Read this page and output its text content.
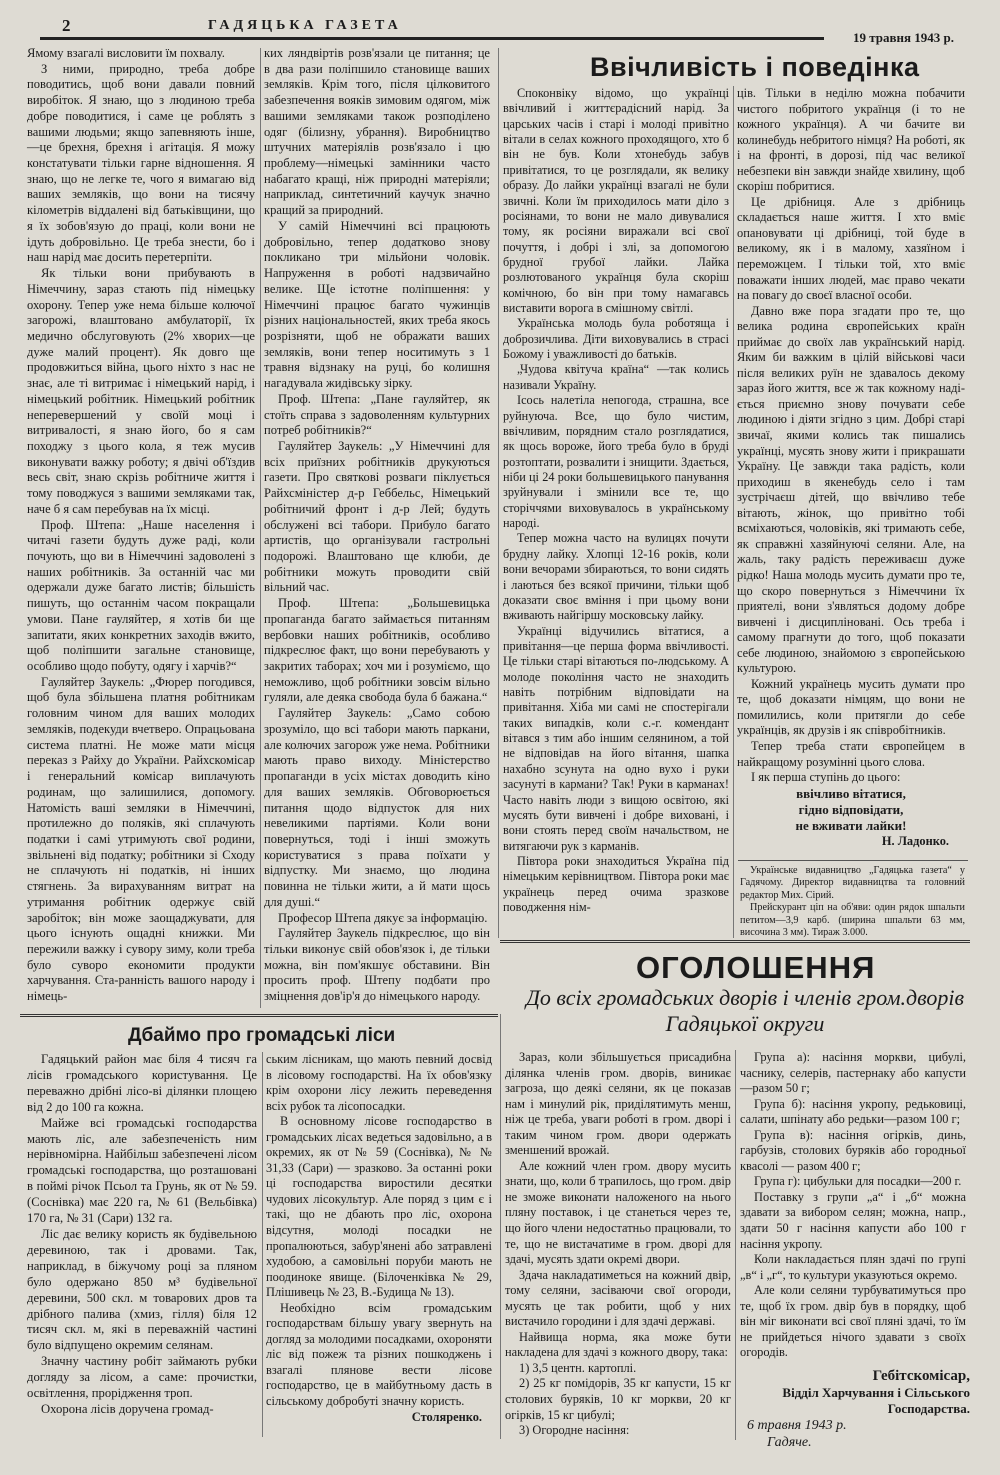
2	ГАДЯЦЬКА ГАЗЕТА
19 травня 1943 р.

Ямому взагалі висловити їм похвалу.

З ними, природно, треба добре поводитись, щоб вони давали повний виробіток. Я знаю, що з людиною треба добре поводитися, і саме це роблять з вашими людьми; якщо запевняють інше,—це брехня, брехня і агітація. Я можу констатувати тільки гарне відношення. Я знаю, що не легке те, чого я вимагаю від ваших земляків, що вони на тисячу кілометрів віддалені від батьківщини, що я їх зобов'язую до праці, коли вони не ідуть добровільно. Це треба знести, бо і наш нарід має досить перетерпіти.

Як тільки вони прибувають в Німеччину, зараз стають під німецьку охорону. Тепер уже нема більше колючої загорожі, влаштовано амбулаторії, їх медично обслуговують (2% хворих—це дуже малий процент). Як довго ще продовжиться війна, цього ніхто з нас не знає, але ті витримає і німецький нарід, і німецький робітник. Німецький робітник неперевершений у своїй моці і витривалості, я знаю його, бо я сам походжу з цього кола, я теж мусив виконувати важку роботу; я двічі об'їздив весь світ, знаю скрізь робітниче життя і тому поводжуся з вашими земляками так, наче б я сам перебував на їх місці.

Проф. Штепа: „Наше населення і читачі газети будуть дуже раді, коли почують, що ви в Німеччині задоволені з наших робітників. За останній час ми одержали дуже багато листів; більшість пишуть, що останнім часом покращали умови. Пане гауляйтер, я хотів би ще запитати, яких конкретних заходів вжито, щоб поліпшити загальне становище, особливо щодо побуту, одягу і харчів?“

Гауляйтер Заукель: „Фюрер погодився, щоб була збільшена платня робітникам головним чином для ваших молодих земляків, подекуди вчетверо. Опрацьована система платні. Не може мати місця переказ з Райху до України. Райхскомісар і генеральний комісар виплачують родинам, що залишилися, допомогу. Натомість ваші земляки в Німеччині, протилежно до поляків, які сплачують податки і самі утримують свої родини, звільнені від податку; робітники зі Сходу не сплачують ні податків, ні інших стягнень. За вирахуванням витрат на утримання робітник одержує свій заробіток; він може заощаджувати, для цього існують ощадні книжки. Ми пережили важку і сувору зиму, коли треба було суворо економити продукти харчування. Ста-ранність вашого народу і німець-

ких ляндвіртів розв'язали це питання; це в два рази поліпшило становище ваших земляків. Крім того, після цілковитого забезпечення вояків зимовим одягом, між вашими земляками також розподілено одяг (білизну, убрання). Виробництво штучних матеріялів розв'язало і цю проблему—німецькі замінники часто набагато кращі, ніж природні матеріяли; наприклад, синтетичний каучук значно кращий за природний.

У самій Німеччині всі працюють добровільно, тепер додатково знову покликано три мільйони чоловік. Напруження в роботі надзвичайно велике. Ще істотне поліпшення: у Німеччині працює багато чужинців різних національностей, яких треба якось розрізняти, щоб не ображати ваших земляків, вони тепер носитимуть з 1 травня відзнаку на руці, бо колишня нагадувала жидівську зірку.

Проф. Штепа: „Пане гауляйтер, як стоїть справа з задоволенням культурних потреб робітників?“

Гауляйтер Заукель: „У Німеччині для всіх приїзних робітників друкуються газети. Про святкові розваги піклується Райхсміністер д-р Геббельс, Німецький робітничий фронт і д-р Лей; будуть обслужені всі табори. Прибуло багато артистів, що організували гастрольні подорожі. Влаштовано ще клюби, де робітники можуть проводити свій вільний час.

Проф. Штепа: „Большевицька пропаганда багато займається питанням вербовки наших робітників, особливо підкреслює факт, що вони перебувають у закритих таборах; хоч ми і розуміємо, що неможливо, щоб робітники зовсім вільно гуляли, але деяка свобода була б бажана.“

Гауляйтер Заукель: „Само собою зрозуміло, що всі табори мають паркани, але колючих загорож уже нема. Робітники мають право виходу. Міністерство пропаганди в усіх містах доводить кіно для ваших земляків. Обговорюється питання щодо відпусток для них невеликими партіями. Коли вони повернуться, тоді і інші зможуть користуватися з права поїхати у відпустку. Ми знаємо, що людина повинна не тільки жити, а й мати щось для душі.“

Професор Штепа дякує за інформацію.

Гауляйтер Заукель підкреслює, що він тільки виконує свій обов'язок і, де тільки можна, він пом'якшує обставини. Він просить проф. Штепу подбати про зміцнення дов'ір'я до німецького народу.

Ввічливість і поведінка

Споконвіку відомо, що українці ввічливий і життєрадісний нарід. За царських часів і старі і молоді привітно вітали в селах кожного проходящого, хто б він не був. Коли хтонебудь забув привітатися, то це розглядали, як велику образу. До лайки українці взагалі не були звичні. Коли їм приходилось мати діло з росіянами, то вони не мало дивувалися тому, як росіяни виражали всі свої почуття, і добрі і злі, за допомогою брудної грубої лайки. Лайка розлютованого українця була скоріш комічною, бо він при тому намагавсь виставити ворога в смішному світлі.

Українська молодь була роботяща і доброзичлива. Діти виховувались в страсі Божому і уважливості до батьків.

„Чудова квітуча країна“ —так колись називали Україну.

Ісось налетіла непогода, страшна, все руйнуюча. Все, що було чистим, ввічливим, порядним стало розглядатися, як щось вороже, його треба було в бруді розтоптати, розвалити і знищити. Здається, ніби ці 24 роки большевицького панування зруйнували і змінили все те, що сторіччями виховувалось в українському народі.

Тепер можна часто на вулицях почути брудну лайку. Хлопці 12-16 років, коли вони вечорами збираються, то вони сидять і лаються без всякої причини, тільки щоб доказати своє вміння і при цьому вони вживають найгіршу московську лайку.

Українці відучились вітатися, а привітання—це перша форма ввічливості. Це тільки старі вітаються по-людському. А молоде покоління часто не знаходить навіть потрібним відповідати на привітання. Хіба ми самі не спостерігали таких випадків, коли с.-г. комендант вітався з тим або іншим селянином, а той не відповідав на його вітання, шапка нахабно зсунута на одно вухо і руки засунуті в кармани? Так! Руки в карманах! Часто навіть люди з вищою освітою, які мусять бути вивчені і добре виховані, і вони стоять перед своїм начальством, не витягаючи рук з карманів.

Півтора роки знаходиться Україна під німецьким керівництвом. Півтора роки має українець перед очима зразкове поводження нім-

ців. Тільки в неділю можна побачити чистого побритого українця (і то не кожного українця). А чи бачите ви колинебудь небритого німця? На роботі, як і на фронті, в дорозі, під час великої небезпеки він завжди знайде хвилину, щоб скоріш побритися.

Це дрібниця. Але з дрібниць складається наше життя. І хто вміє опановувати ці дрібниці, той буде в великому, як і в малому, хазяїном і переможцем. І тільки той, хто вміє поважати інших людей, має право чекати на повагу до своєї власної особи.

Давно вже пора згадати про те, що велика родина європейських країн приймає до своїх лав український нарід. Яким би важким в цілій військові часи після великих руїн не здавалось декому зараз його життя, все ж так кожному наді-ється приємно знову почувати себе людиною і діяти згідно з цим. Добрі старі звичаї, якими колись так пишались українці, мусять знову жити і прикрашати Україну. Це завжди така радість, коли приходиш в якенебудь село і там зустрічаєш дітей, що ввічливо тебе вітають, жінок, що привітно тобі всміхаються, чоловіків, які тримають себе, як справжні хазяйнуючі селяни. Але, на жаль, таку радість переживаєш дуже рідко! Наша молодь мусить думати про те, що скоро повернуться з Німеччини їх приятелі, вони з'являться додому добре вивчені і дисципліновані. Ось треба і самому прагнути до того, щоб показати себе людиною, знайомою з європейською культурою.

Кожний українець мусить думати про те, щоб доказати німцям, що вони не помилились, коли притягли до себе українців, як друзів і як співробітників.

Тепер треба стати європейцем в найкращому розумінні цього слова.

І як перша ступінь до цього:

ввічливо вітатися,
гідно відповідати,
не вживати лайки!
Н. Ладонко.

Українське видавництво „Гадяцька газета“ у Гадячому. Директор видавництва та головний редактор Мих. Сірий.

Прейскурант ціп на об'яви: один рядок шпальти петитом—3,9 карб. (ширина шпальти 63 мм, височина 3 мм). Тираж 3.000.

Дбаймо про громадські ліси

Гадяцький район має біля 4 тисяч га лісів громадського користування. Це переважно дрібні лісо-ві ділянки площею від 2 до 100 га кожна.

Майже всі громадські господарства мають ліс, але забезпеченість ним нерівномірна. Найбільш забезпечені лісом громадські господарства, що розташовані в поймі річок Псьол та Грунь, як от № 59. (Соснівка) має 220 га, № 61 (Вельбівка) 170 га, № 31 (Сари) 132 га.

Ліс дає велику користь як будівельною деревиною, так і дровами. Так, наприклад, в біжучому році за пляном було одержано 850 м³ будівельної деревини, 500 скл. м товарових дров та дрібного палива (хмиз, гілля) біля 12 тисяч скл. м, які в переважній частині було відпущено окремим селянам.

Значну частину робіт займають рубки догляду за лісом, а саме: прочистки, освітлення, прорідження троп.

Охорона лісів доручена громад-

ським лісникам, що мають певний досвід в лісовому господарстві. На їх обов'язку крім охорони лісу лежить переведення всіх рубок та лісопосадки.

В основному лісове господарство в громадських лісах ведеться задовільно, а в окремих, як от № 59 (Соснівка), № № 31,33 (Сари) — зразково. За останні роки ці господарства виростили десятки чудових лісокультур. Але поряд з цим є і такі, що не дбають про ліс, охорона відсутня, молоді посадки не пропалюються, забур'янені або затравлені худобою, а самовільні поруби мають не поодиноке явище. (Білоченківка № 29, Плішивець № 23, В.-Будища № 13).

Необхідно всім громадським господарствам більшу увагу звернуть на догляд за молодими посадками, охороняти ліс від пожеж та різних пошкоджень і взагалі плянове вести лісове господарство, це в майбутньому дасть в сільському добробуті значну користь.

Столяренко.
ОГОЛОШЕННЯ
До всіх громадських дворів і членів гром.дворів Гадяцької округи

Зараз, коли збільшується присадибна ділянка членів гром. дворів, виникає загроза, що деякі селяни, як це показав нам і минулий рік, приділятимуть менш, ніж це треба, уваги роботі в гром. дворі і таким чином гром. двори одержать зменшений врожай.

Але кожний член гром. двору мусить знати, що, коли б трапилось, що гром. двір не зможе виконати наложеного на нього пляну поставок, і це станеться через те, що його члени недостатньо працювали, то те, що не вистачатиме в гром. дворі для здачі, мусять здати окремі двори.

Здача накладатиметься на кожний двір, тому селяни, засіваючи свої огороди, мусять це так робити, щоб у них вистачило городини і для здачі державі.

Найвища норма, яка може бути накладена для здачі з кожного двору, така:

1) 3,5 центн. картоплі.

2) 25 кг помідорів, 35 кг капусти, 15 кг столових буряків, 10 кг моркви, 20 кг огірків, 15 кг цибулі;

3) Огородне насіння:

Група а): насіння моркви, цибулі, часнику, селерів, пастернаку або капусти—разом 50 г;

Група б): насіння укропу, редьковиці, салати, шпінату або редьки—разом 100 г;

Група в): насіння огірків, динь, гарбузів, столових буряків або городньої квасолі — разом 400 г;

Група г): цибульки для посадки—200 г.

Поставку з групи „а“ і „б“ можна здавати за вибором селян; можна, напр., здати 50 г насіння капусти або 100 г насіння укропу.

Коли накладається плян здачі по групі „в“ і „г“, то культури указуються окремо.

Але коли селяни турбуватимуться про те, щоб їх гром. двір був в порядку, щоб він міг виконати всі свої пляні здачі, то їм не прийдеться нічого здавати з своїх огородів.

Гебітскомісар,
Відділ Харчування і Сільського Господарства.
6 травня 1943 р.
Гадяче.
